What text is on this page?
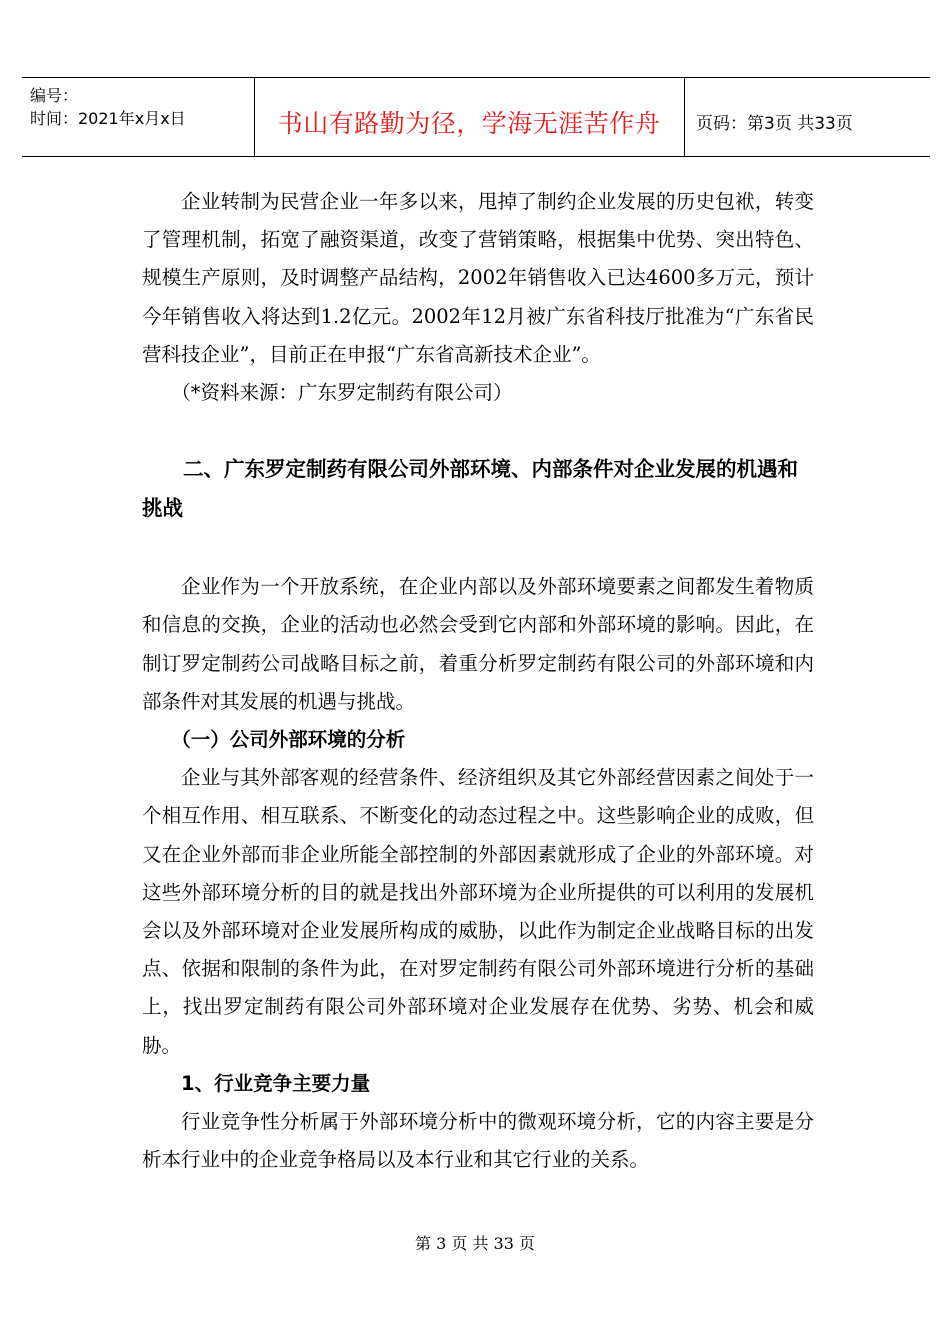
编号：
时间：2021年x月x日	书山有路勤为径，学海无涯苦作舟	页码：第3页 共33页

企业转制为民营企业一年多以来，甩掉了制约企业发展的历史包袱，转变了管理机制，拓宽了融资渠道，改变了营销策略，根据集中优势、突出特色、规模生产原则，及时调整产品结构，2002年销售收入已达4600多万元，预计今年销售收入将达到1.2亿元。2002年12月被广东省科技厅批准为“广东省民营科技企业”，目前正在申报“广东省高新技术企业”。

（*资料来源：广东罗定制药有限公司）

二、广东罗定制药有限公司外部环境、内部条件对企业发展的机遇和挑战

企业作为一个开放系统，在企业内部以及外部环境要素之间都发生着物质和信息的交换，企业的活动也必然会受到它内部和外部环境的影响。因此，在制订罗定制药公司战略目标之前，着重分析罗定制药有限公司的外部环境和内部条件对其发展的机遇与挑战。

（一）公司外部环境的分析

企业与其外部客观的经营条件、经济组织及其它外部经营因素之间处于一个相互作用、相互联系、不断变化的动态过程之中。这些影响企业的成败，但又在企业外部而非企业所能全部控制的外部因素就形成了企业的外部环境。对这些外部环境分析的目的就是找出外部环境为企业所提供的可以利用的发展机会以及外部环境对企业发展所构成的威胁，以此作为制定企业战略目标的出发点、依据和限制的条件为此，在对罗定制药有限公司外部环境进行分析的基础上，找出罗定制药有限公司外部环境对企业发展存在优势、劣势、机会和威胁。

1、行业竞争主要力量

行业竞争性分析属于外部环境分析中的微观环境分析，它的内容主要是分析本行业中的企业竞争格局以及本行业和其它行业的关系。

第 3 页 共 33 页
